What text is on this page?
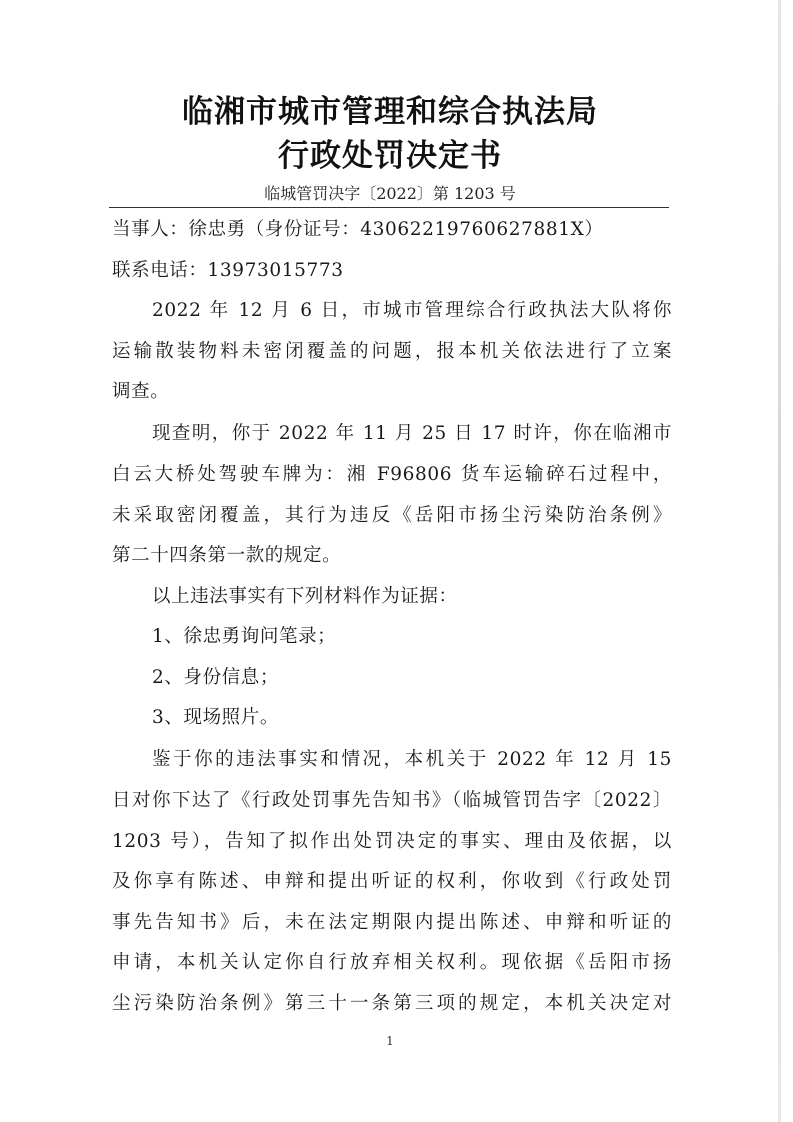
临湘市城市管理和综合执法局
行政处罚决定书
临城管罚决字〔2022〕第 1203 号
当事人：徐忠勇（身份证号：43062219760627881X）
联系电话：13973015773
2022 年 12 月 6 日，市城市管理综合行政执法大队将你
运输散装物料未密闭覆盖的问题，报本机关依法进行了立案
调查。
现查明，你于 2022 年 11 月 25 日 17 时许，你在临湘市
白云大桥处驾驶车牌为：湘 F96806 货车运输碎石过程中，
未采取密闭覆盖，其行为违反《岳阳市扬尘污染防治条例》
第二十四条第一款的规定。
以上违法事实有下列材料作为证据：
1、徐忠勇询问笔录；
2、身份信息；
3、现场照片。
鉴于你的违法事实和情况，本机关于 2022 年 12 月 15
日对你下达了《行政处罚事先告知书》（临城管罚告字〔2022〕
1203 号），告知了拟作出处罚决定的事实、理由及依据，以
及你享有陈述、申辩和提出听证的权利，你收到《行政处罚
事先告知书》后，未在法定期限内提出陈述、申辩和听证的
申请，本机关认定你自行放弃相关权利。现依据《岳阳市扬
尘污染防治条例》第三十一条第三项的规定，本机关决定对
1
